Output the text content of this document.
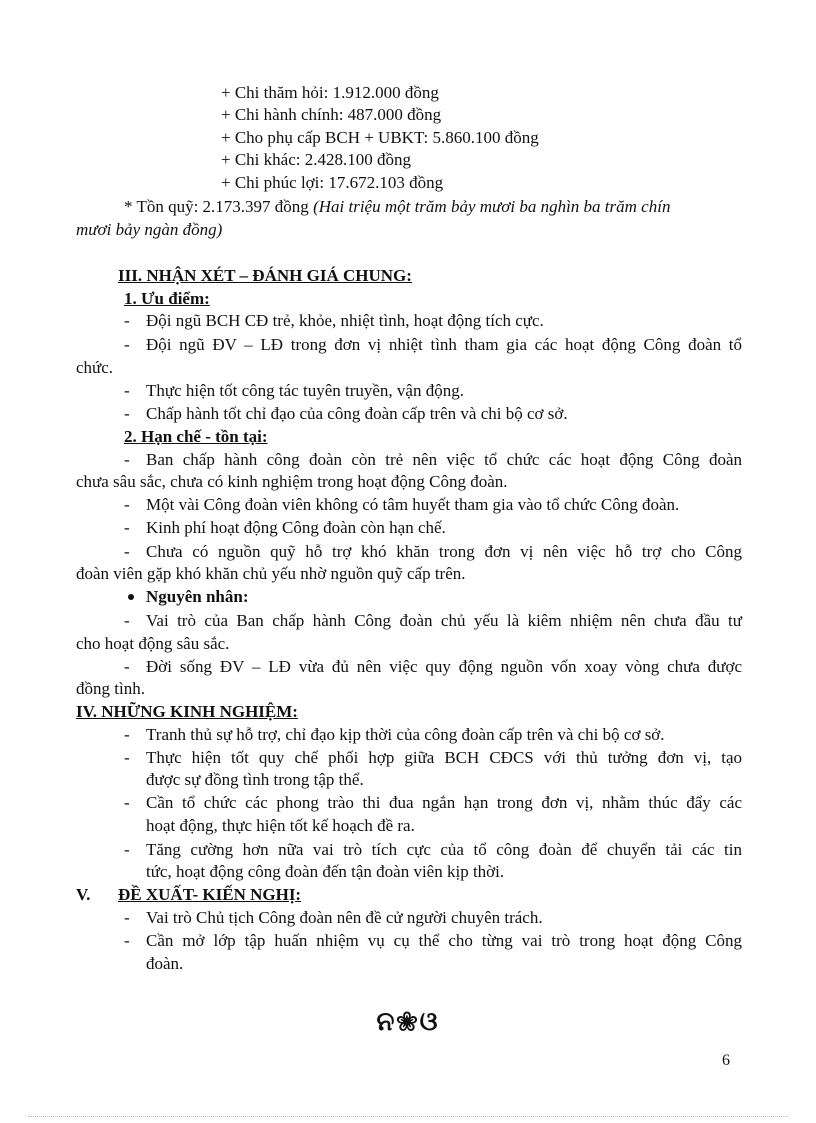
+ Chi thăm hỏi: 1.912.000 đồng
+ Chi hành chính: 487.000 đồng
+ Cho phụ cấp BCH + UBKT: 5.860.100 đồng
+ Chi khác: 2.428.100 đồng
+ Chi phúc lợi: 17.672.103 đồng
* Tồn quỹ: 2.173.397 đồng (Hai triệu một trăm bảy mươi ba nghìn ba trăm chín
mươi bảy ngàn đồng)
III. NHẬN XÉT – ĐÁNH GIÁ CHUNG:
1. Ưu điểm:
- Đội ngũ BCH CĐ trẻ, khỏe, nhiệt tình, hoạt động tích cực.
- Đội ngũ ĐV – LĐ trong đơn vị nhiệt tình tham gia các hoạt động Công đoàn tổ
chức.
- Thực hiện tốt công tác tuyên truyền, vận động.
- Chấp hành tốt chỉ đạo của công đoàn cấp trên và chi bộ cơ sở.
2. Hạn chế - tồn tại:
- Ban chấp hành công đoàn còn trẻ nên việc tổ chức các hoạt động Công đoàn
chưa sâu sắc, chưa có kinh nghiệm trong hoạt động Công đoàn.
- Một vài Công đoàn viên không có tâm huyết tham gia vào tổ chức Công đoàn.
- Kinh phí hoạt động Công đoàn còn hạn chế.
- Chưa có nguồn quỹ hỗ trợ khó khăn trong đơn vị nên việc hỗ trợ cho Công
đoàn viên gặp khó khăn chủ yếu nhờ nguồn quỹ cấp trên.
Nguyên nhân:
- Vai trò của Ban chấp hành Công đoàn chủ yếu là kiêm nhiệm nên chưa đầu tư
cho hoạt động sâu sắc.
- Đời sống ĐV – LĐ vừa đủ nên việc quy động nguồn vốn xoay vòng chưa được
đồng tình.
IV. NHỮNG KINH NGHIỆM:
- Tranh thủ sự hỗ trợ, chỉ đạo kịp thời của công đoàn cấp trên và chi bộ cơ sở.
- Thực hiện tốt quy chế phối hợp giữa BCH CĐCS với thủ tưởng đơn vị, tạo
được sự đồng tình trong tập thể.
- Cần tổ chức các phong trào thi đua ngắn hạn trong đơn vị, nhằm thúc đẩy các
hoạt động, thực hiện tốt kế hoạch đề ra.
- Tăng cường hơn nữa vai trò tích cực của tổ công đoàn để chuyển tải các tin
tức, hoạt động công đoàn đến tận đoàn viên kịp thời.
V. ĐỀ XUẤT- KIẾN NGHỊ:
- Vai trò Chủ tịch Công đoàn nên đề cử người chuyên trách.
- Cần mở lớp tập huấn nhiệm vụ cụ thể cho từng vai trò trong hoạt động Công
đoàn.
ନ❀ଓ
6
